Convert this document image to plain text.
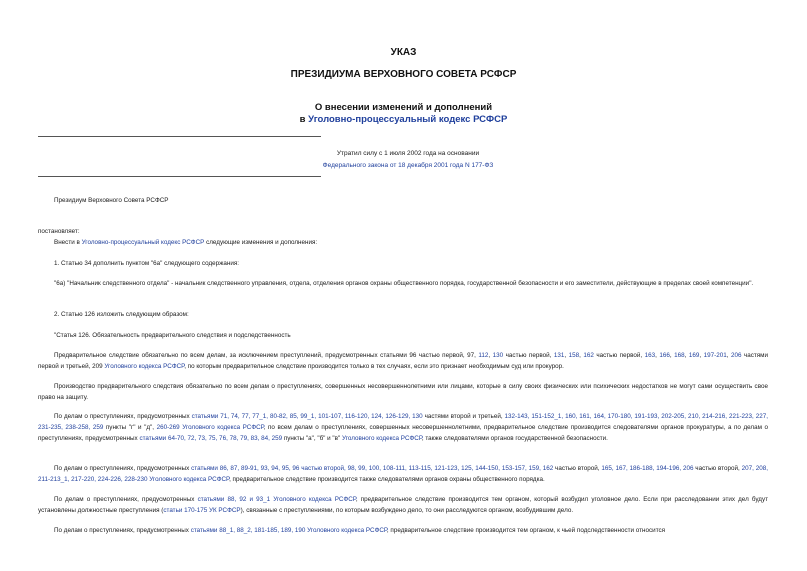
УКАЗ
ПРЕЗИДИУМА ВЕРХОВНОГО СОВЕТА РСФСР
О внесении изменений и дополнений
в Уголовно-процессуальный кодекс РСФСР
Утратил силу с 1 июля 2002 года на основании
Федерального закона от 18 декабря 2001 года N 177-ФЗ
Президиум Верховного Совета РСФСР
постановляет:
Внести в Уголовно-процессуальный кодекс РСФСР следующие изменения и дополнения:
1. Статью 34 дополнить пунктом "6а" следующего содержания:
"6а) "Начальник следственного отдела" - начальник следственного управления, отдела, отделения органов охраны общественного порядка, государственной безопасности и его заместители, действующие в пределах своей компетенции".
2. Статью 126 изложить следующим образом:
"Статья 126. Обязательность предварительного следствия и подследственность
Предварительное следствие обязательно по всем делам, за исключением преступлений, предусмотренных статьями 96 частью первой, 97, 112, 130 частью первой, 131, 158, 162 частью первой, 163, 166, 168, 169, 197-201, 206 частями первой и третьей, 209 Уголовного кодекса РСФСР, по которым предварительное следствие производится только в тех случаях, если это признает необходимым суд или прокурор.
Производство предварительного следствия обязательно по всем делам о преступлениях, совершенных несовершеннолетними или лицами, которые в силу своих физических или психических недостатков не могут сами осуществить свое право на защиту.
По делам о преступлениях, предусмотренных статьями 71, 74, 77, 77_1, 80-82, 85, 99_1, 101-107, 116-120, 124, 126-129, 130 частями второй и третьей, 132-143, 151-152_1, 160, 161, 164, 170-180, 191-193, 202-205, 210, 214-216, 221-223, 227, 231-235, 238-258, 259 пункты "г" и "д", 260-269 Уголовного кодекса РСФСР, по всем делам о преступлениях, совершенных несовершеннолетними, предварительное следствие производится следователями органов прокуратуры, а по делам о преступлениях, предусмотренных статьями 64-70, 72, 73, 75, 76, 78, 79, 83, 84, 259 пункты "а", "б" и "в" Уголовного кодекса РСФСР, также следователями органов государственной безопасности.
По делам о преступлениях, предусмотренных статьями 86, 87, 89-91, 93, 94, 95, 96 частью второй, 98, 99, 100, 108-111, 113-115, 121-123, 125, 144-150, 153-157, 159, 162 частью второй, 165, 167, 186-188, 194-196, 206 частью второй, 207, 208, 211-213_1, 217-220, 224-226, 228-230 Уголовного кодекса РСФСР, предварительное следствие производится также следователями органов охраны общественного порядка.
По делам о преступлениях, предусмотренных статьями 88, 92 и 93_1 Уголовного кодекса РСФСР, предварительное следствие производится тем органом, который возбудил уголовное дело. Если при расследовании этих дел будут установлены должностные преступления (статьи 170-175 УК РСФСР), связанные с преступлениями, по которым возбуждено дело, то они расследуются органом, возбудившим дело.
По делам о преступлениях, предусмотренных статьями 88_1, 88_2, 181-185, 189, 190 Уголовного кодекса РСФСР, предварительное следствие производится тем органом, к чьей подследственности относится
